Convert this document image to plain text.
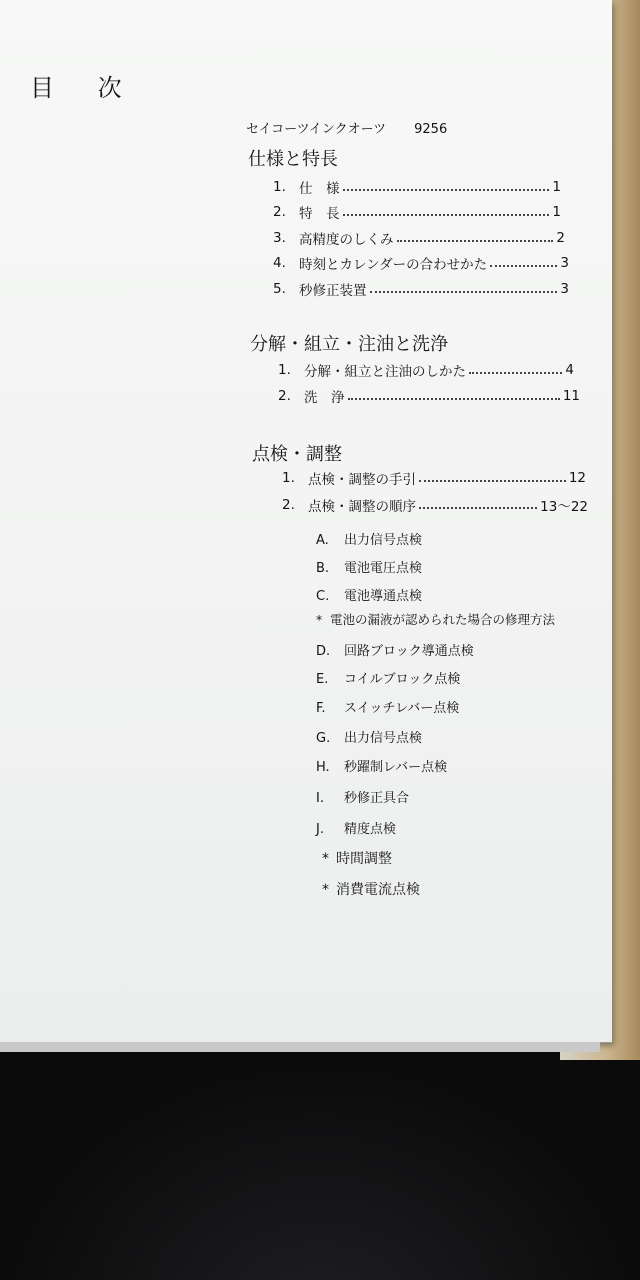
目 次
セイコーツインクオーツ 9256
仕様と特長
1. 仕　様	1
2. 特　長	1
3. 高精度のしくみ	2
4. 時刻とカレンダーの合わせかた	3
5. 秒修正装置	3
分解・組立・注油と洗浄
1. 分解・組立と注油のしかた	4
2. 洗　浄	11
点検・調整
1. 点検・調整の手引	12
2. 点検・調整の順序	13～22
A. 出力信号点検
B. 電池電圧点検
C. 電池導通点検
* 電池の漏液が認められた場合の修理方法
D. 回路ブロック導通点検
E. コイルブロック点検
F. スイッチレバー点検
G. 出力信号点検
H. 秒躍制レバー点検
I. 秒修正具合
J. 精度点検
* 時間調整
* 消費電流点検
